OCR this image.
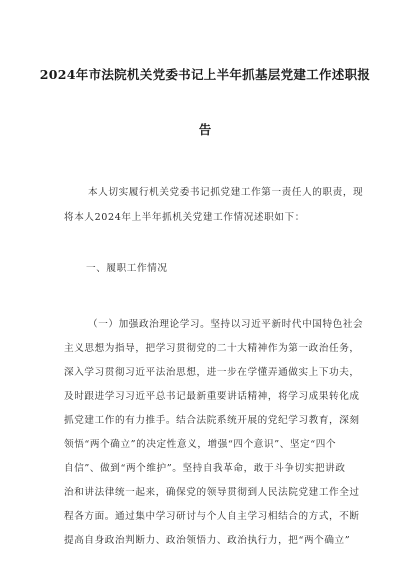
2024年市法院机关党委书记上半年抓基层党建工作述职报
告
本人切实履行机关党委书记抓党建工作第一责任人的职责，现
将本人2024年上半年抓机关党建工作情况述职如下：
一、履职工作情况
（一）加强政治理论学习。坚持以习近平新时代中国特色社会
主义思想为指导，把学习贯彻党的二十大精神作为第一政治任务，
深入学习贯彻习近平法治思想，进一步在学懂弄通做实上下功夫，
及时跟进学习习近平总书记最新重要讲话精神，将学习成果转化成
抓党建工作的有力推手。结合法院系统开展的党纪学习教育，深刻
领悟“两个确立”的决定性意义，增强“四个意识”、坚定“四个
自信”、做到“两个维护”。坚持自我革命，敢于斗争切实把讲政
治和讲法律统一起来，确保党的领导贯彻到人民法院党建工作全过
程各方面。通过集中学习研讨与个人自主学习相结合的方式，不断
提高自身政治判断力、政治领悟力、政治执行力，把“两个确立”
